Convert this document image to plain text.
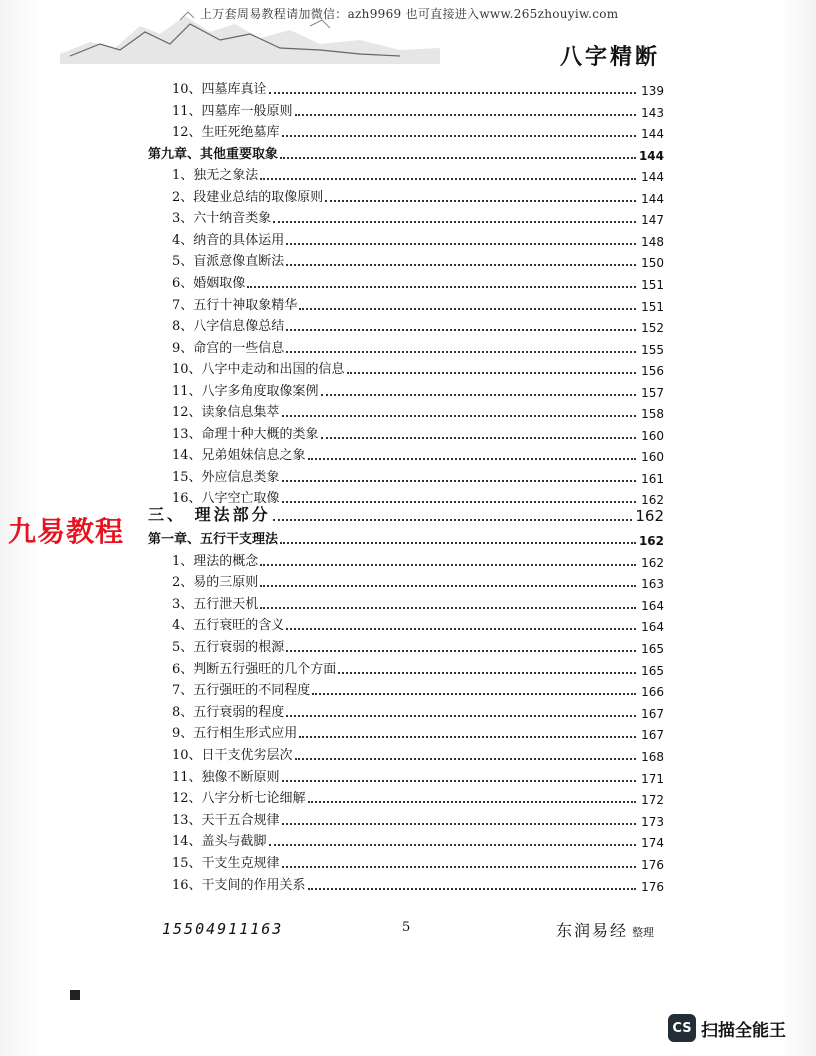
上万套周易教程请加微信：azh9969 也可直接进入www.265zhouyiw.com
八字精断
10、四墓库真诠	139
11、四墓库一般原则	143
12、生旺死绝墓库	144
第九章、其他重要取象	144
1、独无之象法	144
2、段建业总结的取像原则	144
3、六十纳音类象	147
4、纳音的具体运用	148
5、盲派意像直断法	150
6、婚姻取像	151
7、五行十神取象精华	151
8、八字信息像总结	152
9、命宫的一些信息	155
10、八字中走动和出国的信息	156
11、八字多角度取像案例	157
12、读象信息集萃	158
13、命理十种大概的类象	160
14、兄弟姐妹信息之象	160
15、外应信息类象	161
16、八字空亡取像	162
三、 理法部分	162
第一章、五行干支理法	162
1、理法的概念	162
2、易的三原则	163
3、五行泄天机	164
4、五行衰旺的含义	164
5、五行衰弱的根源	165
6、判断五行强旺的几个方面	165
7、五行强旺的不同程度	166
8、五行衰弱的程度	167
9、五行相生形式应用	167
10、日干支优劣层次	168
11、独像不断原则	171
12、八字分析七论细解	172
13、天干五合规律	173
14、盖头与截脚	174
15、干支生克规律	176
16、干支间的作用关系	176
九易教程
15504911163	5	东润易经 整理
CS 扫描全能王
